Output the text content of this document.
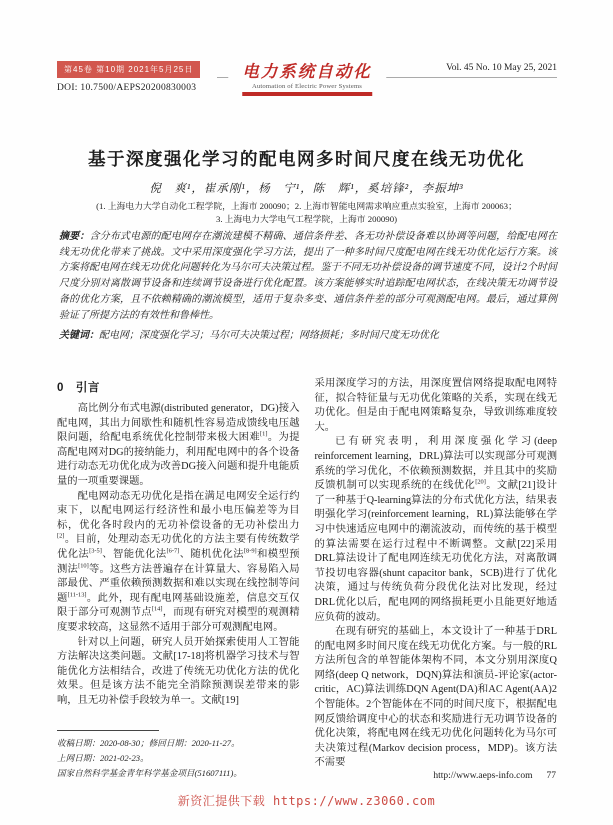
第45卷 第10期 2021年5月25日
DOI: 10.7500/AEPS20200830003
电力系统自动化
Automation of Electric Power Systems
Vol. 45 No. 10 May 25, 2021
基于深度强化学习的配电网多时间尺度在线无功优化
倪　爽¹，崔承刚¹，杨　宁¹，陈　辉¹，奚培锋²，李振坤³
(1. 上海电力大学自动化工程学院，上海市 200090；2. 上海市智能电网需求响应重点实验室，上海市 200063；
3. 上海电力大学电气工程学院，上海市 200090)

摘要：含分布式电源的配电网存在潮流建模不精确、通信条件差、各无功补偿设备难以协调等问题，给配电网在线无功优化带来了挑战。文中采用深度强化学习方法，提出了一种多时间尺度配电网在线无功优化运行方案。该方案将配电网在线无功优化问题转化为马尔可夫决策过程。鉴于不同无功补偿设备的调节速度不同，设计2个时间尺度分别对离散调节设备和连续调节设备进行优化配置。该方案能够实时追踪配电网状态，在线决策无功调节设备的优化方案，且不依赖精确的潮流模型，适用于复杂多变、通信条件差的部分可观测配电网。最后，通过算例验证了所提方法的有效性和鲁棒性。

关键词：配电网；深度强化学习；马尔可夫决策过程；网络损耗；多时间尺度无功优化

0 引言

高比例分布式电源(distributed generator，DG)接入配电网，其出力间歇性和随机性容易造成馈线电压越限问题，给配电系统优化控制带来极大困难[1]。为提高配电网对DG的接纳能力，利用配电网中的各个设备进行动态无功优化成为改善DG接入问题和提升电能质量的一项重要课题。

配电网动态无功优化是指在满足电网安全运行约束下，以配电网运行经济性和最小电压偏差等为目标，优化各时段内的无功补偿设备的无功补偿出力[2]。目前，处理动态无功优化的方法主要有传统数学优化法[3-5]、智能优化法[6-7]、随机优化法[8-9]和模型预测法[10]等。这些方法普遍存在计算量大、容易陷入局部最优、严重依赖预测数据和难以实现在线控制等问题[11-13]。此外，现有配电网基础设施差，信息交互仅限于部分可观测节点[14]，而现有研究对模型的观测精度要求较高，这显然不适用于部分可观测配电网。

针对以上问题，研究人员开始探索使用人工智能方法解决这类问题。文献[17-18]将机器学习技术与智能优化方法相结合，改进了传统无功优化方法的优化效果。但是该方法不能完全消除预测误差带来的影响，且无功补偿手段较为单一。文献[19]

收稿日期：2020-08-30；修回日期：2020-11-27。

上网日期：2021-02-23。

国家自然科学基金青年科学基金项目(51607111)。

采用深度学习的方法，用深度置信网络提取配电网特征，拟合特征量与无功优化策略的关系，实现在线无功优化。但是由于配电网策略复杂，导致训练难度较大。

已有研究表明，利用深度强化学习(deep reinforcement learning，DRL)算法可以实现部分可观测系统的学习优化，不依赖预测数据，并且其中的奖励反馈机制可以实现系统的在线优化[20]。文献[21]设计了一种基于Q-learning算法的分布式优化方法，结果表明强化学习(reinforcement learning，RL)算法能够在学习中快速适应电网中的潮流波动，而传统的基于模型的算法需要在运行过程中不断调整。文献[22]采用DRL算法设计了配电网连续无功优化方法，对离散调节投切电容器(shunt capacitor bank，SCB)进行了优化决策，通过与传统负荷分段优化法对比发现，经过DRL优化以后，配电网的网络损耗更小且能更好地适应负荷的波动。

在现有研究的基础上，本文设计了一种基于DRL的配电网多时间尺度在线无功优化方案。与一般的RL方法所包含的单智能体架构不同，本文分别用深度Q网络(deep Q network，DQN)算法和演员-评论家(actor-critic，AC)算法训练DQN Agent(DA)和AC Agent(AA)2个智能体。2个智能体在不同的时间尺度下，根据配电网反馈给调度中心的状态和奖励进行无功调节设备的优化决策，将配电网在线无功优化问题转化为马尔可夫决策过程(Markov decision process，MDP)。该方法不需要

http://www.aeps-info.com 77
新资汇提供下载 https://www.z3060.com
